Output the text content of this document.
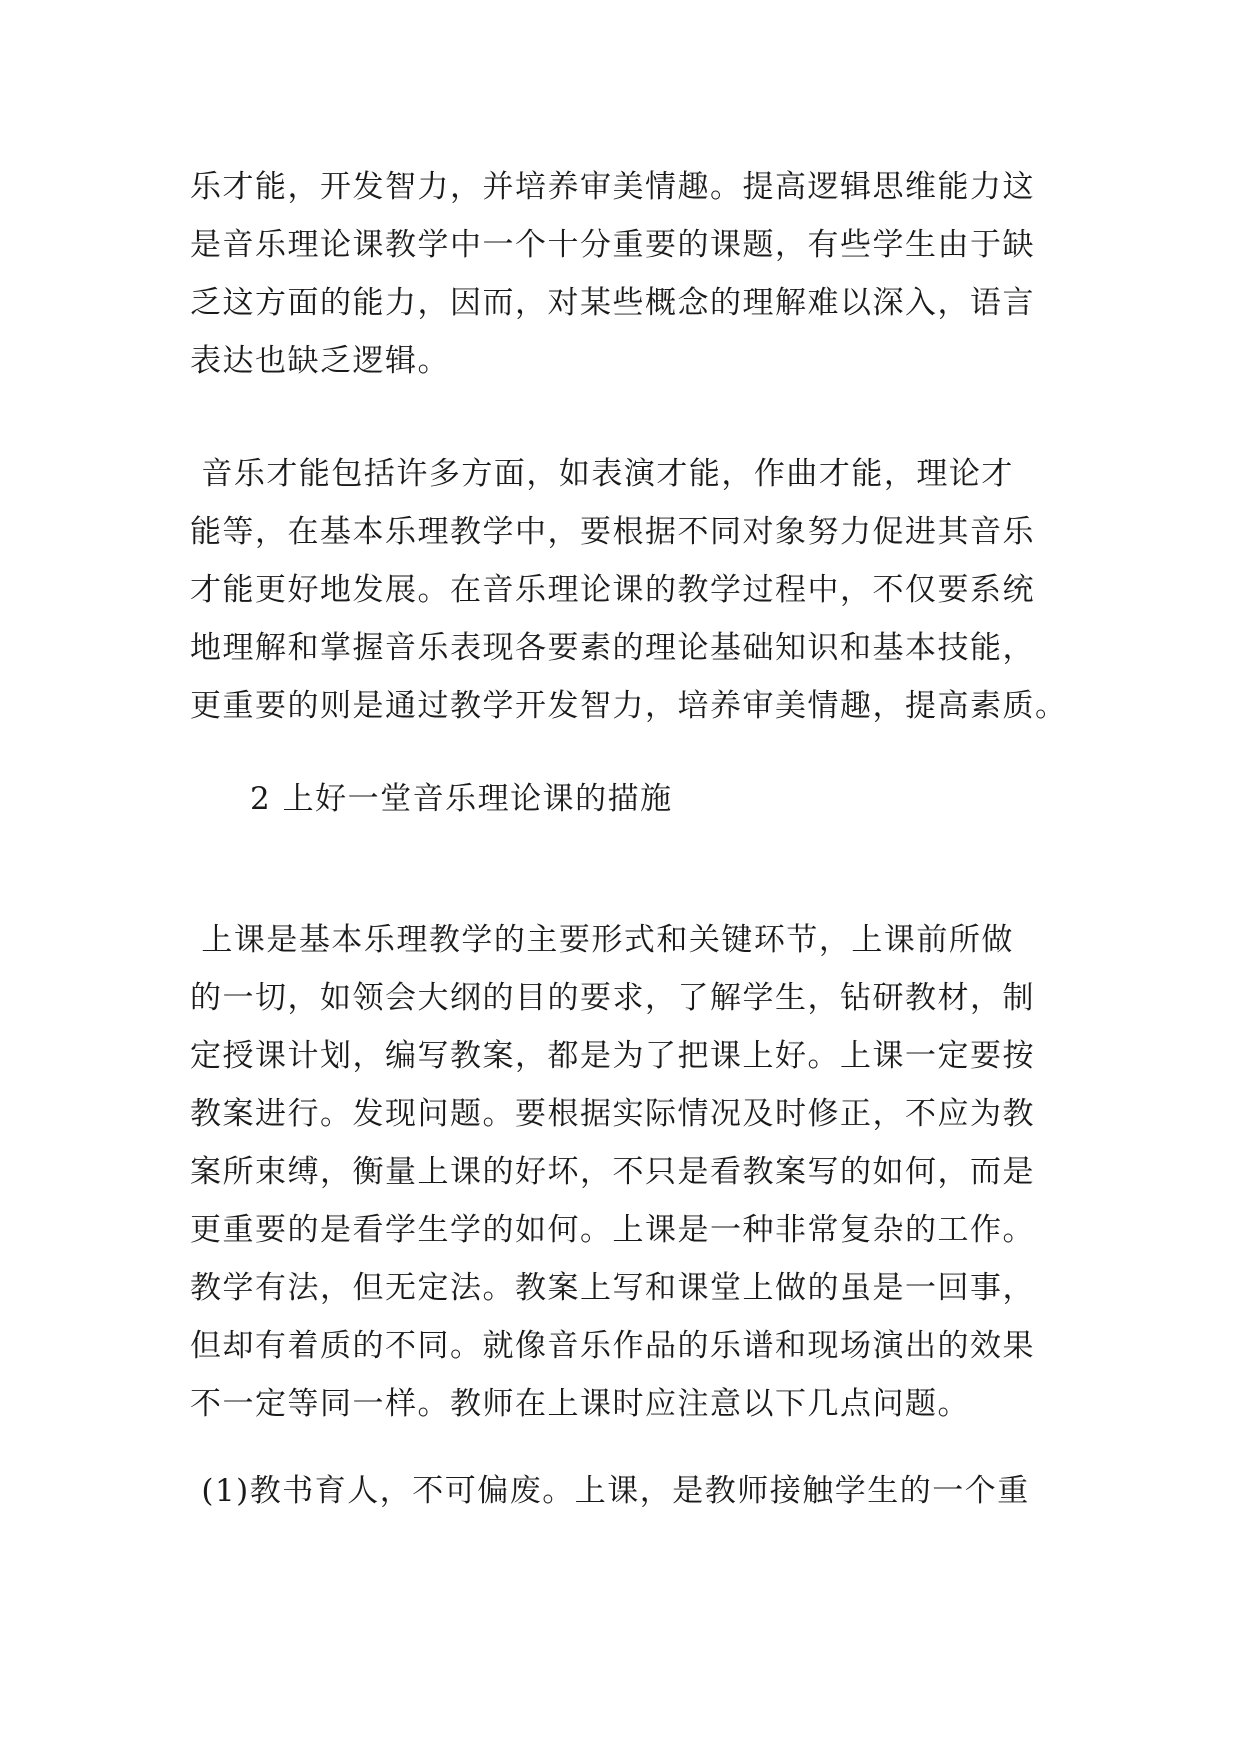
乐才能，开发智力，并培养审美情趣。提高逻辑思维能力这
是音乐理论课教学中一个十分重要的课题，有些学生由于缺
乏这方面的能力，因而，对某些概念的理解难以深入，语言
表达也缺乏逻辑。
音乐才能包括许多方面，如表演才能，作曲才能，理论才
能等，在基本乐理教学中，要根据不同对象努力促进其音乐
才能更好地发展。在音乐理论课的教学过程中，不仅要系统
地理解和掌握音乐表现各要素的理论基础知识和基本技能，
更重要的则是通过教学开发智力，培养审美情趣，提高素质。
2 上好一堂音乐理论课的描施
上课是基本乐理教学的主要形式和关键环节，上课前所做
的一切，如领会大纲的目的要求，了解学生，钻研教材，制
定授课计划，编写教案，都是为了把课上好。上课一定要按
教案进行。发现问题。要根据实际情况及时修正，不应为教
案所束缚，衡量上课的好坏，不只是看教案写的如何，而是
更重要的是看学生学的如何。上课是一种非常复杂的工作。
教学有法，但无定法。教案上写和课堂上做的虽是一回事，
但却有着质的不同。就像音乐作品的乐谱和现场演出的效果
不一定等同一样。教师在上课时应注意以下几点问题。
(1)教书育人，不可偏废。上课，是教师接触学生的一个重
